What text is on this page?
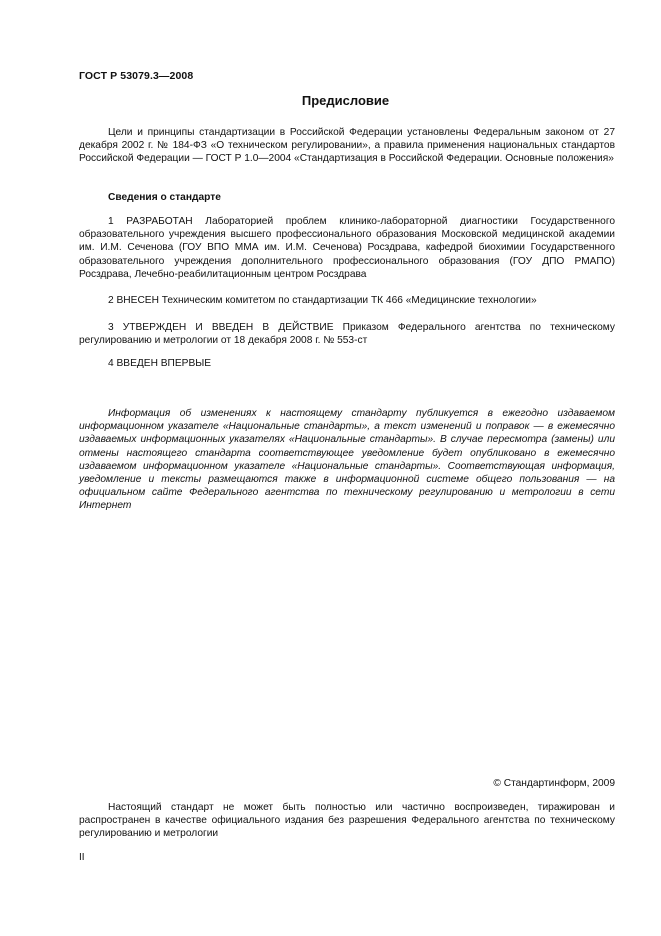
ГОСТ Р 53079.3—2008
Предисловие
Цели и принципы стандартизации в Российской Федерации установлены Федеральным законом от 27 декабря 2002 г. № 184-ФЗ «О техническом регулировании», а правила применения национальных стандартов Российской Федерации — ГОСТ Р 1.0—2004 «Стандартизация в Российской Федерации. Основные положения»
Сведения о стандарте
1 РАЗРАБОТАН Лабораторией проблем клинико-лабораторной диагностики Государственного образовательного учреждения высшего профессионального образования Московской медицинской академии им. И.М. Сеченова (ГОУ ВПО ММА им. И.М. Сеченова) Росздрава, кафедрой биохимии Государственного образовательного учреждения дополнительного профессионального образования (ГОУ ДПО РМАПО) Росздрава, Лечебно-реабилитационным центром Росздрава
2 ВНЕСЕН Техническим комитетом по стандартизации ТК 466 «Медицинские технологии»
3 УТВЕРЖДЕН И ВВЕДЕН В ДЕЙСТВИЕ Приказом Федерального агентства по техническому регулированию и метрологии от 18 декабря 2008 г. № 553-ст
4 ВВЕДЕН ВПЕРВЫЕ
Информация об изменениях к настоящему стандарту публикуется в ежегодно издаваемом информационном указателе «Национальные стандарты», а текст изменений и поправок — в ежемесячно издаваемых информационных указателях «Национальные стандарты». В случае пересмотра (замены) или отмены настоящего стандарта соответствующее уведомление будет опубликовано в ежемесячно издаваемом информационном указателе «Национальные стандарты». Соответствующая информация, уведомление и тексты размещаются также в информационной системе общего пользования — на официальном сайте Федерального агентства по техническому регулированию и метрологии в сети Интернет
© Стандартинформ, 2009
Настоящий стандарт не может быть полностью или частично воспроизведен, тиражирован и распространен в качестве официального издания без разрешения Федерального агентства по техническому регулированию и метрологии
II
